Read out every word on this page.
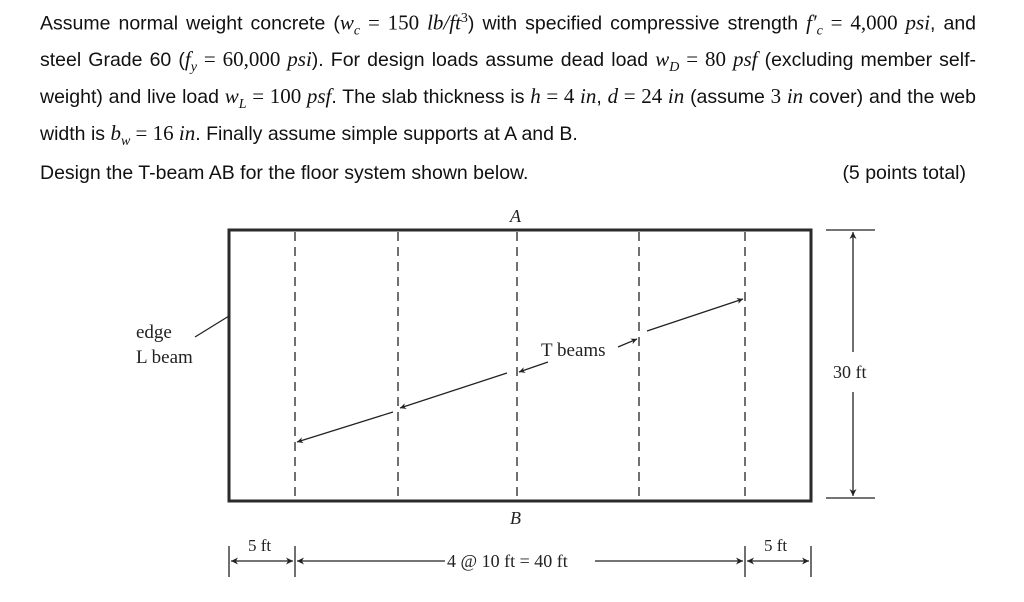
Assume normal weight concrete ($w_c = 150$ $lb/ft^3$) with specified compressive strength $f'_c = 4,000$ psi, and steel Grade 60 ($f_y = 60,000$ psi). For design loads assume dead load $w_D = 80$ psf (excluding member self-weight) and live load $w_L = 100$ psf. The slab thickness is h = 4 in, d = 24 in (assume 3 in cover) and the web width is $b_w = 16$ in. Finally assume simple supports at A and B.
Design the T-beam AB for the floor system shown below.	(5 points total)
A
B
edge
L beam	T beams
30 ft
5 ft
4 @ 10 ft = 40 ft
5 ft
